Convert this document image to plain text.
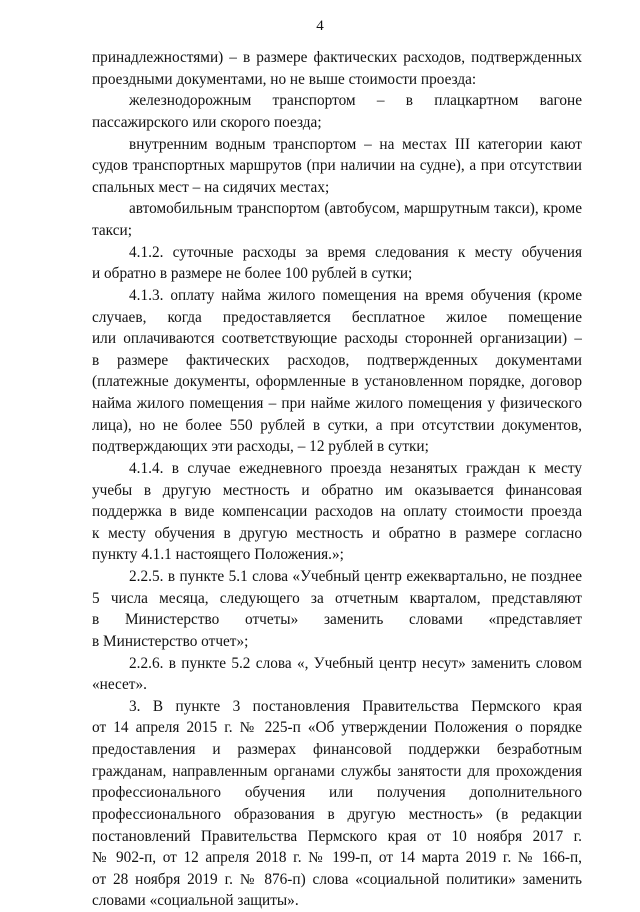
4
принадлежностями) – в размере фактических расходов, подтвержденных
проездными документами, но не выше стоимости проезда:
железнодорожным транспортом – в плацкартном вагоне
пассажирского или скорого поезда;
внутренним водным транспортом – на местах III категории кают
судов транспортных маршрутов (при наличии на судне), а при отсутствии
спальных мест – на сидячих местах;
автомобильным транспортом (автобусом, маршрутным такси), кроме
такси;
4.1.2. суточные расходы за время следования к месту обучения
и обратно в размере не более 100 рублей в сутки;
4.1.3. оплату найма жилого помещения на время обучения (кроме
случаев, когда предоставляется бесплатное жилое помещение
или оплачиваются соответствующие расходы сторонней организации) –
в размере фактических расходов, подтвержденных документами
(платежные документы, оформленные в установленном порядке, договор
найма жилого помещения – при найме жилого помещения у физического
лица), но не более 550 рублей в сутки, а при отсутствии документов,
подтверждающих эти расходы, – 12 рублей в сутки;
4.1.4. в случае ежедневного проезда незанятых граждан к месту
учебы в другую местность и обратно им оказывается финансовая
поддержка в виде компенсации расходов на оплату стоимости проезда
к месту обучения в другую местность и обратно в размере согласно
пункту 4.1.1 настоящего Положения.»;
2.2.5. в пункте 5.1 слова «Учебный центр ежеквартально, не позднее
5 числа месяца, следующего за отчетным кварталом, представляют
в Министерство отчеты» заменить словами «представляет
в Министерство отчет»;
2.2.6. в пункте 5.2 слова «, Учебный центр несут» заменить словом
«несет».
3. В пункте 3 постановления Правительства Пермского края
от 14 апреля 2015 г. № 225-п «Об утверждении Положения о порядке
предоставления и размерах финансовой поддержки безработным
гражданам, направленным органами службы занятости для прохождения
профессионального обучения или получения дополнительного
профессионального образования в другую местность» (в редакции
постановлений Правительства Пермского края от 10 ноября 2017 г.
№ 902-п, от 12 апреля 2018 г. № 199-п, от 14 марта 2019 г. № 166-п,
от 28 ноября 2019 г. № 876-п) слова «социальной политики» заменить
словами «социальной защиты».
